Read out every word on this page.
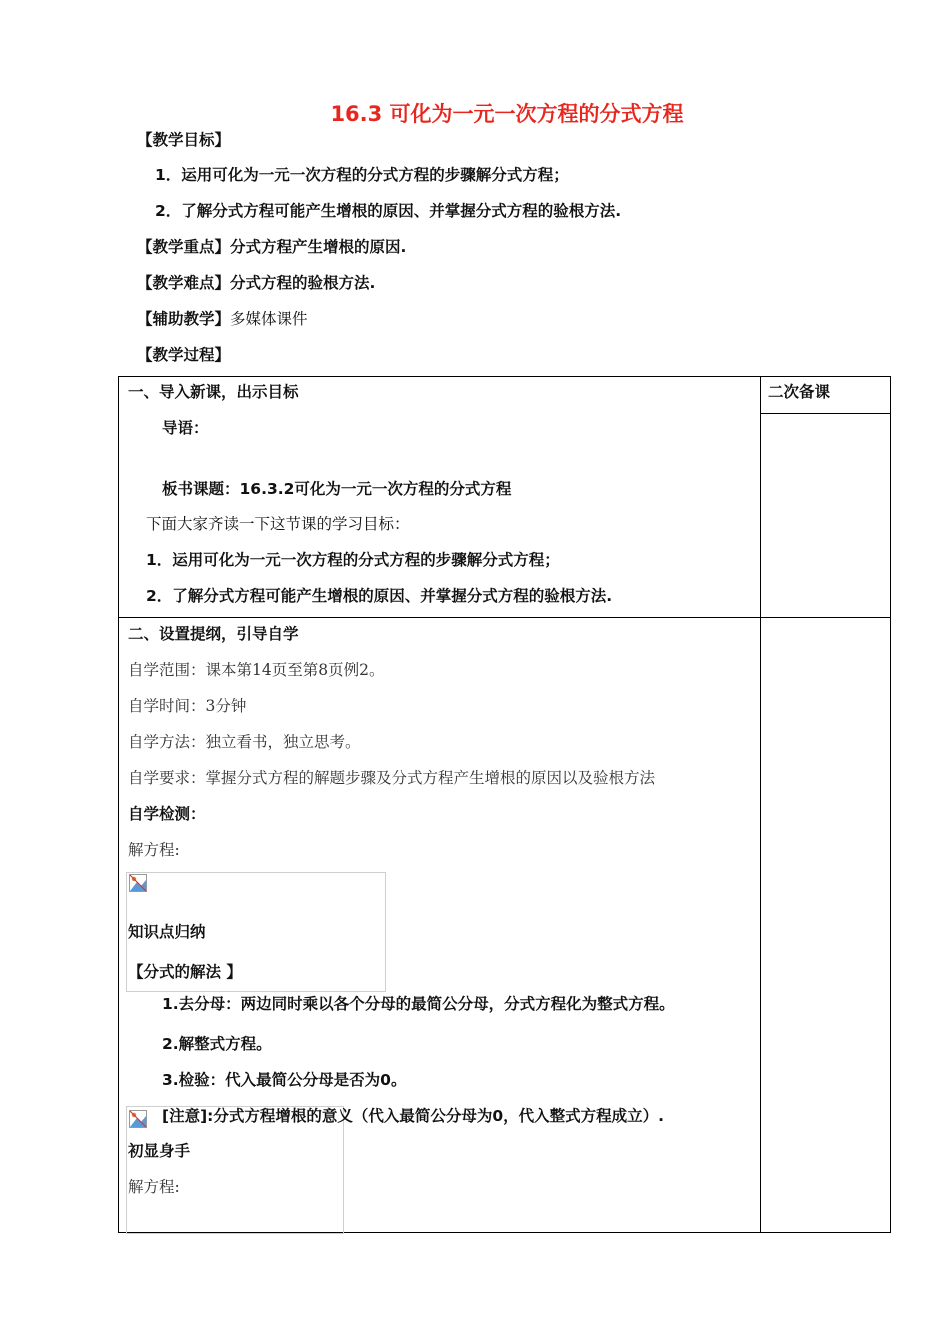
16.3 可化为一元一次方程的分式方程
【教学目标】
1．运用可化为一元一次方程的分式方程的步骤解分式方程；
2．了解分式方程可能产生增根的原因、并掌握分式方程的验根方法.
【教学重点】分式方程产生增根的原因.
【教学难点】分式方程的验根方法.
【辅助教学】多媒体课件
【教学过程】
二次备课
一、导入新课，出示目标
导语：
板书课题：16.3.2可化为一元一次方程的分式方程
下面大家齐读一下这节课的学习目标：
1．运用可化为一元一次方程的分式方程的步骤解分式方程；
2．了解分式方程可能产生增根的原因、并掌握分式方程的验根方法.
二、设置提纲，引导自学
自学范围：课本第14页至第8页例2。
自学时间：3分钟
自学方法：独立看书，独立思考。
自学要求：掌握分式方程的解题步骤及分式方程产生增根的原因以及验根方法
自学检测：
解方程:
知识点归纳
【分式的解法 】
1.去分母：两边同时乘以各个分母的最简公分母，分式方程化为整式方程。
2.解整式方程。
3.检验：代入最简公分母是否为0。
[注意]:分式方程增根的意义（代入最简公分母为0，代入整式方程成立）.
初显身手
解方程:
